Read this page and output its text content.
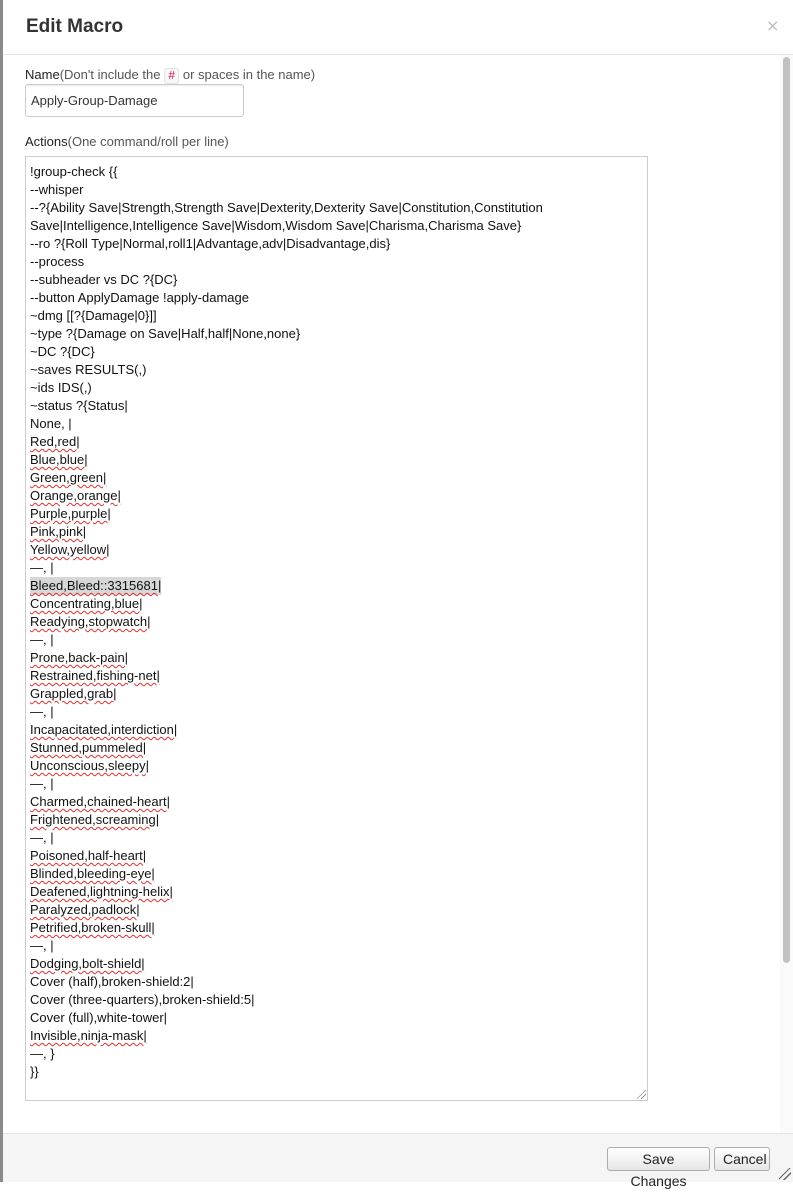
Edit Macro	×
Name(Don't include the # or spaces in the name)
Apply-Group-Damage
Actions(One command/roll per line)
!group-check {{
--whisper
--?{Ability Save|Strength,Strength Save|Dexterity,Dexterity Save|Constitution,Constitution
Save|Intelligence,Intelligence Save|Wisdom,Wisdom Save|Charisma,Charisma Save}
--ro ?{Roll Type|Normal,roll1|Advantage,adv|Disadvantage,dis}
--process
--subheader vs DC ?{DC}
--button ApplyDamage !apply-damage
~dmg [[?{Damage|0}]]
~type ?{Damage on Save|Half,half|None,none}
~DC ?{DC}
~saves RESULTS(,)
~ids IDS(,)
~status ?{Status|
None, |
Red,red|
Blue,blue|
Green,green|
Orange,orange|
Purple,purple|
Pink,pink|
Yellow,yellow|
—, |
Bleed,Bleed::3315681|
Concentrating,blue|
Readying,stopwatch|
—, |
Prone,back-pain|
Restrained,fishing-net|
Grappled,grab|
—, |
Incapacitated,interdiction|
Stunned,pummeled|
Unconscious,sleepy|
—, |
Charmed,chained-heart|
Frightened,screaming|
—, |
Poisoned,half-heart|
Blinded,bleeding-eye|
Deafened,lightning-helix|
Paralyzed,padlock|
Petrified,broken-skull|
—, |
Dodging,bolt-shield|
Cover (half),broken-shield:2|
Cover (three-quarters),broken-shield:5|
Cover (full),white-tower|
Invisible,ninja-mask|
—, }
}}
Save Changes
Cancel
